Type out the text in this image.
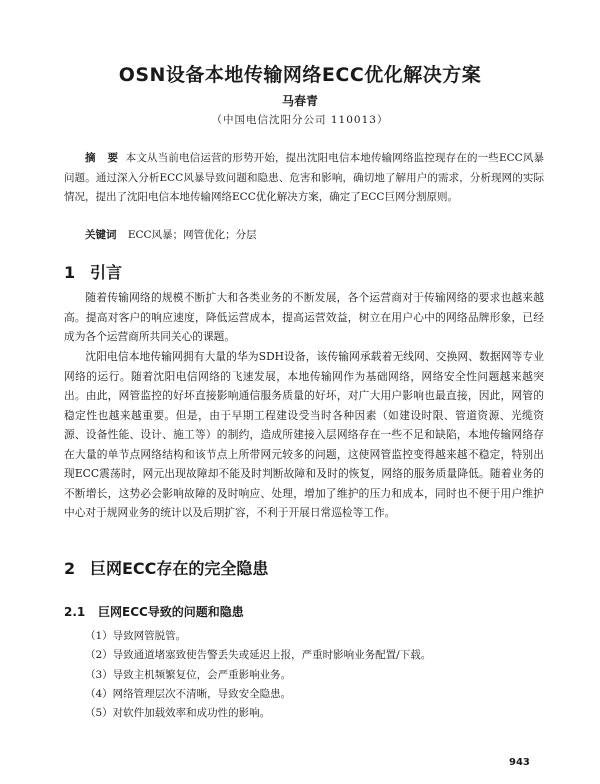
OSN设备本地传输网络ECC优化解决方案
马春青
（中国电信沈阳分公司 110013）
摘 要 本文从当前电信运营的形势开始，提出沈阳电信本地传输网络监控现存在的一些ECC风暴问题。通过深入分析ECC风暴导致问题和隐患、危害和影响，确切地了解用户的需求，分析现网的实际情况，提出了沈阳电信本地传输网络ECC优化解决方案，确定了ECC巨网分割原则。
关键词 ECC风暴；网管优化；分层
1 引言

随着传输网络的规模不断扩大和各类业务的不断发展，各个运营商对于传输网络的要求也越来越高。提高对客户的响应速度，降低运营成本，提高运营效益，树立在用户心中的网络品牌形象，已经成为各个运营商所共同关心的课题。

沈阳电信本地传输网拥有大量的华为SDH设备，该传输网承载着无线网、交换网、数据网等专业网络的运行。随着沈阳电信网络的飞速发展，本地传输网作为基础网络，网络安全性问题越来越突出。由此，网管监控的好坏直接影响通信服务质量的好坏，对广大用户影响也最直接，因此，网管的稳定性也越来越重要。但是，由于早期工程建设受当时各种因素（如建设时限、管道资源、光缆资源、设备性能、设计、施工等）的制约，造成所建接入层网络存在一些不足和缺陷，本地传输网络存在大量的单节点网络结构和该节点上所带网元较多的问题，这使网管监控变得越来越不稳定，特别出现ECC震荡时，网元出现故障却不能及时判断故障和及时的恢复，网络的服务质量降低。随着业务的不断增长，这势必会影响故障的及时响应、处理，增加了维护的压力和成本，同时也不便于用户维护中心对于规网业务的统计以及后期扩容，不利于开展日常巡检等工作。

2 巨网ECC存在的完全隐患
2.1 巨网ECC导致的问题和隐患
（1）导致网管脱管。
（2）导致通道堵塞致使告警丢失或延迟上报，严重时影响业务配置/下载。
（3）导致主机频繁复位，会严重影响业务。
（4）网络管理层次不清晰，导致安全隐患。
（5）对软件加载效率和成功性的影响。
943
